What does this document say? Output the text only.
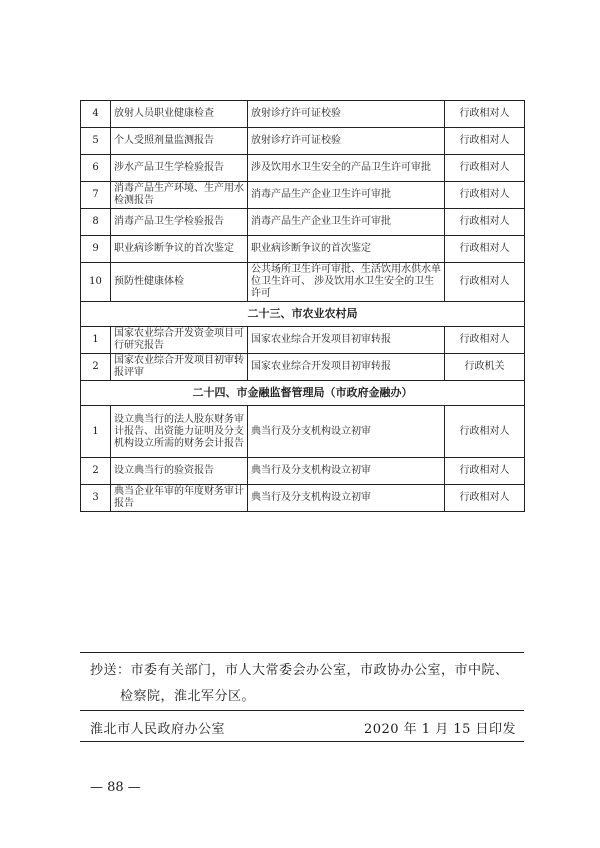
4	放射人员职业健康检查	放射诊疗许可证校验	行政相对人
5	个人受照剂量监测报告	放射诊疗许可证校验	行政相对人
6	涉水产品卫生学检验报告	涉及饮用水卫生安全的产品卫生许可审批	行政相对人
7	消毒产品生产环境、生产用水检测报告	消毒产品生产企业卫生许可审批	行政相对人
8	消毒产品卫生学检验报告	消毒产品生产企业卫生许可审批	行政相对人
9	职业病诊断争议的首次鉴定	职业病诊断争议的首次鉴定	行政相对人
10	预防性健康体检	公共场所卫生许可审批、生活饮用水供水单位卫生许可、 涉及饮用水卫生安全的卫生许可	行政相对人
二十三、市农业农村局			
1	国家农业综合开发资金项目可行研究报告	国家农业综合开发项目初审转报	行政相对人
2	国家农业综合开发项目初审转报评审	国家农业综合开发项目初审转报	行政机关
二十四、市金融监督管理局（市政府金融办）			
1	设立典当行的法人股东财务审计报告、出资能力证明及分支机构设立所需的财务会计报告	典当行及分支机构设立初审	行政相对人
2	设立典当行的验资报告	典当行及分支机构设立初审	行政相对人
3	典当企业年审的年度财务审计报告	典当行及分支机构设立初审	行政相对人
抄送：市委有关部门，市人大常委会办公室，市政协办公室，市中院、
检察院，淮北军分区。
淮北市人民政府办公室	2020 年 1 月 15 日印发
— 88 —
